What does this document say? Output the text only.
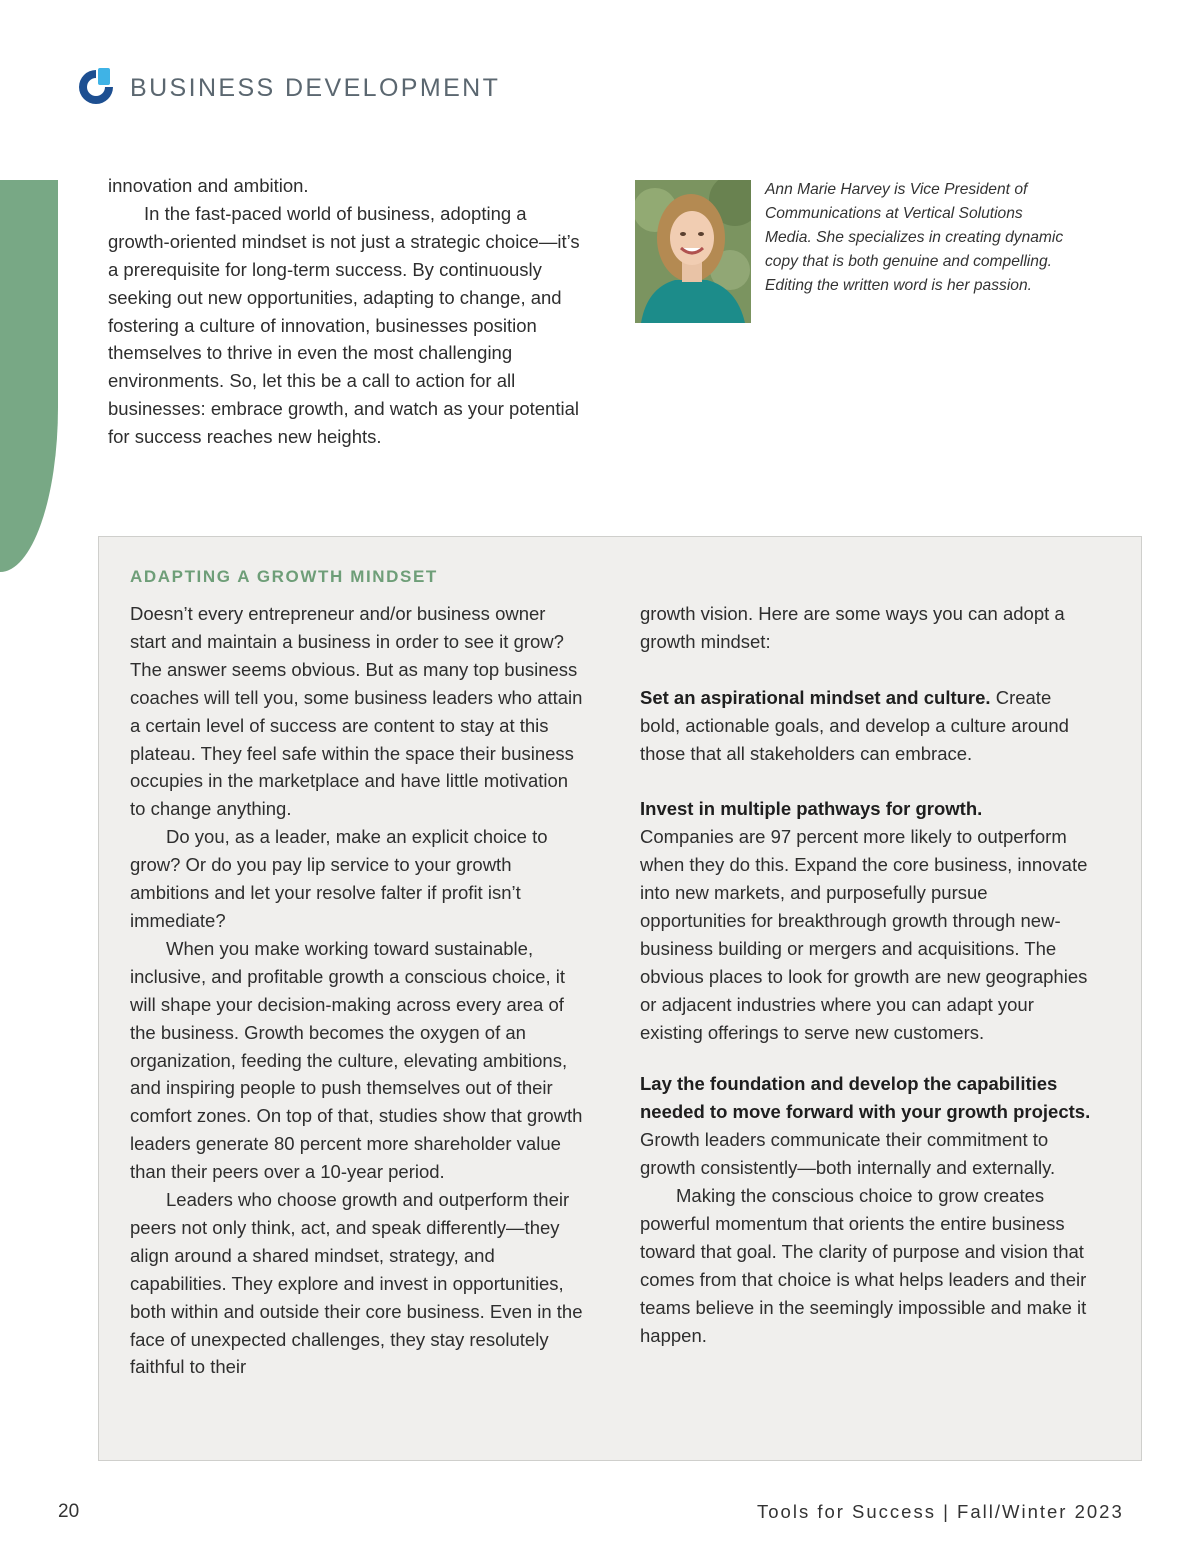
BUSINESS DEVELOPMENT

innovation and ambition.

In the fast-paced world of business, adopting a growth-oriented mindset is not just a strategic choice—it’s a prerequisite for long-term success. By continuously seeking out new opportunities, adapting to change, and fostering a culture of innovation, businesses position themselves to thrive in even the most challenging environments. So, let this be a call to action for all businesses: embrace growth, and watch as your potential for success reaches new heights.

Ann Marie Harvey is Vice President of Communications at Vertical Solutions Media. She specializes in creating dynamic copy that is both genuine and compelling. Editing the written word is her passion.
ADAPTING A GROWTH MINDSET

Doesn’t every entrepreneur and/or business owner start and maintain a business in order to see it grow? The answer seems obvious. But as many top business coaches will tell you, some business leaders who attain a certain level of success are content to stay at this plateau. They feel safe within the space their business occupies in the marketplace and have little motivation to change anything.

Do you, as a leader, make an explicit choice to grow? Or do you pay lip service to your growth ambitions and let your resolve falter if profit isn’t immediate?

When you make working toward sustainable, inclusive, and profitable growth a conscious choice, it will shape your decision-making across every area of the business. Growth becomes the oxygen of an organization, feeding the culture, elevating ambitions, and inspiring people to push themselves out of their comfort zones. On top of that, studies show that growth leaders generate 80 percent more shareholder value than their peers over a 10-year period.

Leaders who choose growth and outperform their peers not only think, act, and speak differently—they align around a shared mindset, strategy, and capabilities. They explore and invest in opportunities, both within and outside their core business. Even in the face of unexpected challenges, they stay resolutely faithful to their

growth vision. Here are some ways you can adopt a growth mindset:

Set an aspirational mindset and culture. Create bold, actionable goals, and develop a culture around those that all stakeholders can embrace.

Invest in multiple pathways for growth.
Companies are 97 percent more likely to outperform when they do this. Expand the core business, innovate into new markets, and purposefully pursue opportunities for breakthrough growth through new-business building or mergers and acquisitions. The obvious places to look for growth are new geographies or adjacent industries where you can adapt your existing offerings to serve new customers.

Lay the foundation and develop the capabilities needed to move forward with your growth projects. Growth leaders communicate their commitment to growth consistently—both internally and externally.

Making the conscious choice to grow creates powerful momentum that orients the entire business toward that goal. The clarity of purpose and vision that comes from that choice is what helps leaders and their teams believe in the seemingly impossible and make it happen.

20	Tools for Success | Fall/Winter 2023
